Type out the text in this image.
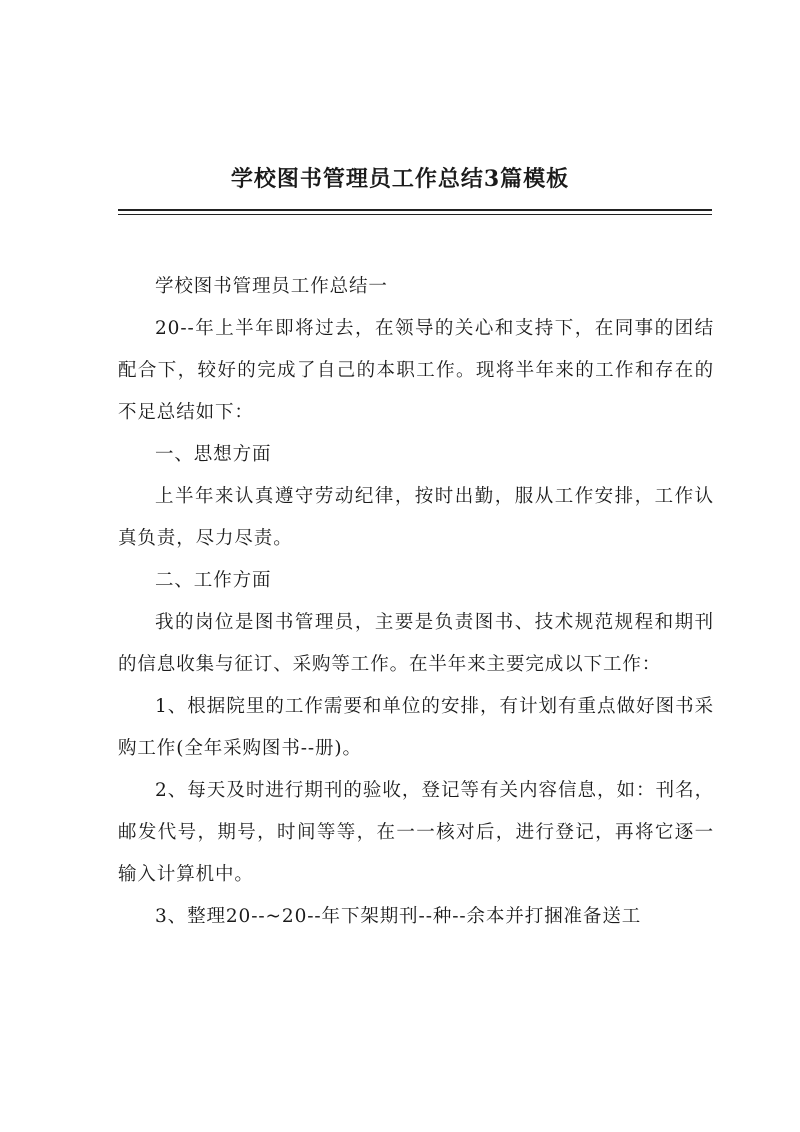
学校图书管理员工作总结3篇模板

学校图书管理员工作总结一

20--年上半年即将过去，在领导的关心和支持下，在同事的团结配合下，较好的完成了自己的本职工作。现将半年来的工作和存在的不足总结如下：

一、思想方面

上半年来认真遵守劳动纪律，按时出勤，服从工作安排，工作认真负责，尽力尽责。

二、工作方面

我的岗位是图书管理员，主要是负责图书、技术规范规程和期刊的信息收集与征订、采购等工作。在半年来主要完成以下工作：

1、根据院里的工作需要和单位的安排，有计划有重点做好图书采购工作(全年采购图书--册)。

2、每天及时进行期刊的验收，登记等有关内容信息，如：刊名，邮发代号，期号，时间等等，在一一核对后，进行登记，再将它逐一输入计算机中。

3、整理20--~20--年下架期刊--种--余本并打捆准备送工
